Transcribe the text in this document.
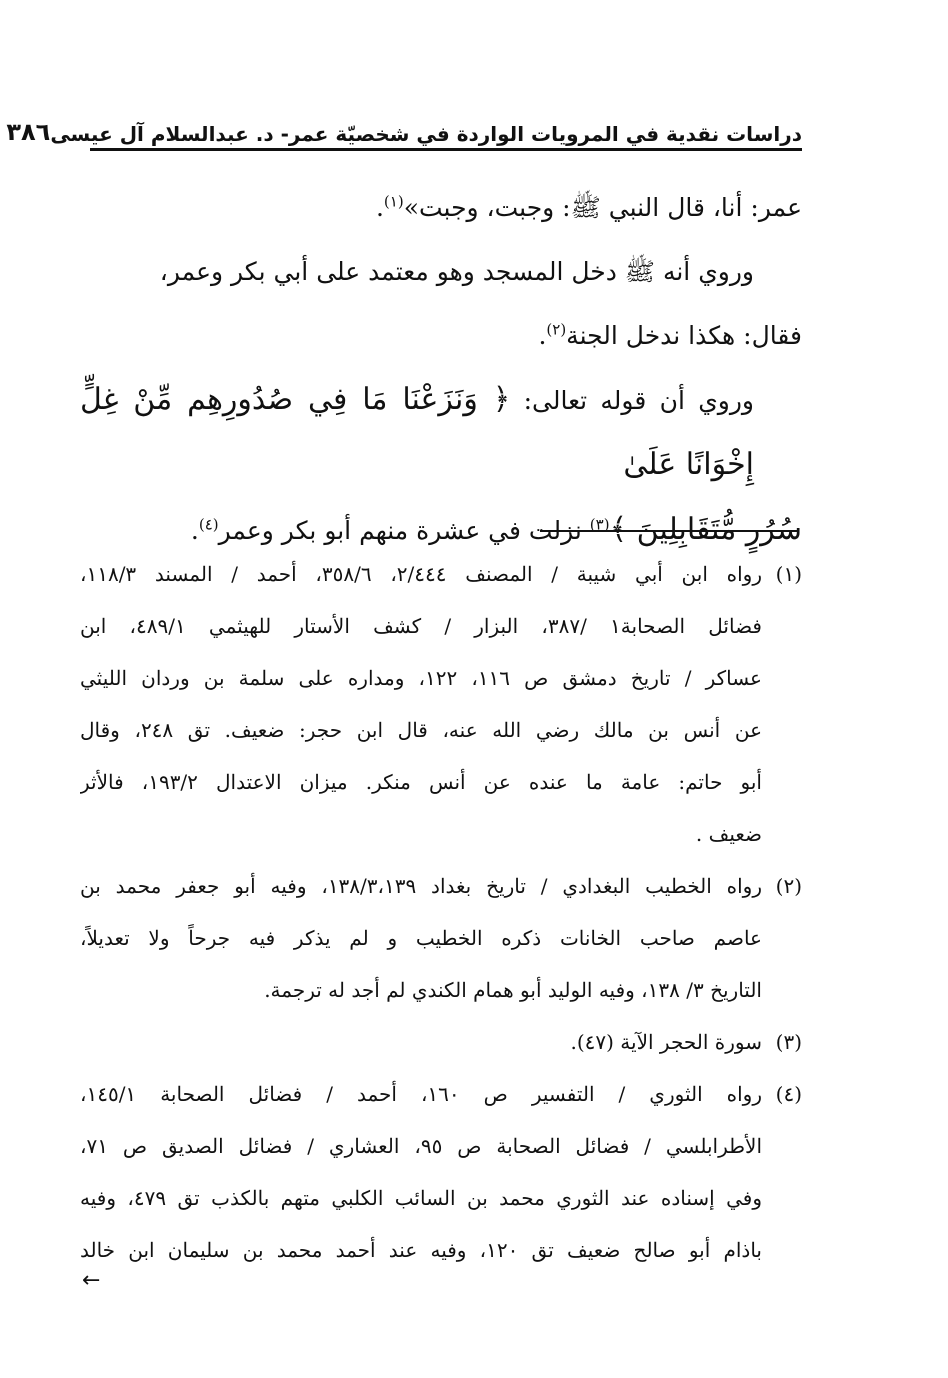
دراسات نقدية في المرويات الواردة في شخصيّة عمر- د. عبدالسلام آل عيسى
٣٨٦

عمر: أنا، قال النبي ﷺ: وجبت، وجبت»$^{(١)}$.

وروي أنه ﷺ دخل المسجد وهو معتمد على أبي بكر وعمر،

فقال: هكذا ندخل الجنة$^{(٢)}$.

وروي أن قوله تعالى: ﴿ وَنَزَعْنَا مَا فِي صُدُورِهِم مِّنْ غِلٍّ إِخْوَانًا عَلَىٰ

سُرُرٍ مُّتَقَابِلِينَ ﴾$^{(٣)}$ نزلت في عشرة منهم أبو بكر وعمر$^{(٤)}$.

(١)رواه ابن أبي شيبة / المصنف ٢/٤٤٤، ٣٥٨/٦، أحمد / المسند ١١٨/٣،
فضائل الصحابة١ /٣٨٧، البزار / كشف الأستار للهيثمي ٤٨٩/١، ابن
عساكر / تاريخ دمشق ص ١١٦، ١٢٢، ومداره على سلمة بن وردان الليثي
عن أنس بن مالك رضي الله عنه، قال ابن حجر: ضعيف. تق ٢٤٨، وقال
أبو حاتم: عامة ما عنده عن أنس منكر. ميزان الاعتدال ١٩٣/٢، فالأثر
ضعيف .
(٢)رواه الخطيب البغدادي / تاريخ بغداد ١٣٨/٣،١٣٩، وفيه أبو جعفر محمد بن
عاصم صاحب الخانات ذكره الخطيب و لم يذكر فيه جرحاً ولا تعديلاً،
التاريخ ٣/ ١٣٨، وفيه الوليد أبو همام الكندي لم أجد له ترجمة.
(٣)سورة الحجر الآية (٤٧).
(٤)رواه الثوري / التفسير ص ١٦٠، أحمد / فضائل الصحابة ١٤٥/١،
الأطرابلسي / فضائل الصحابة ص ٩٥، العشاري / فضائل الصديق ص ٧١،
وفي إسناده عند الثوري محمد بن السائب الكلبي متهم بالكذب تق ٤٧٩، وفيه
باذام أبو صالح ضعيف تق ١٢٠، وفيه عند أحمد محمد بن سليمان ابن خالد
←
